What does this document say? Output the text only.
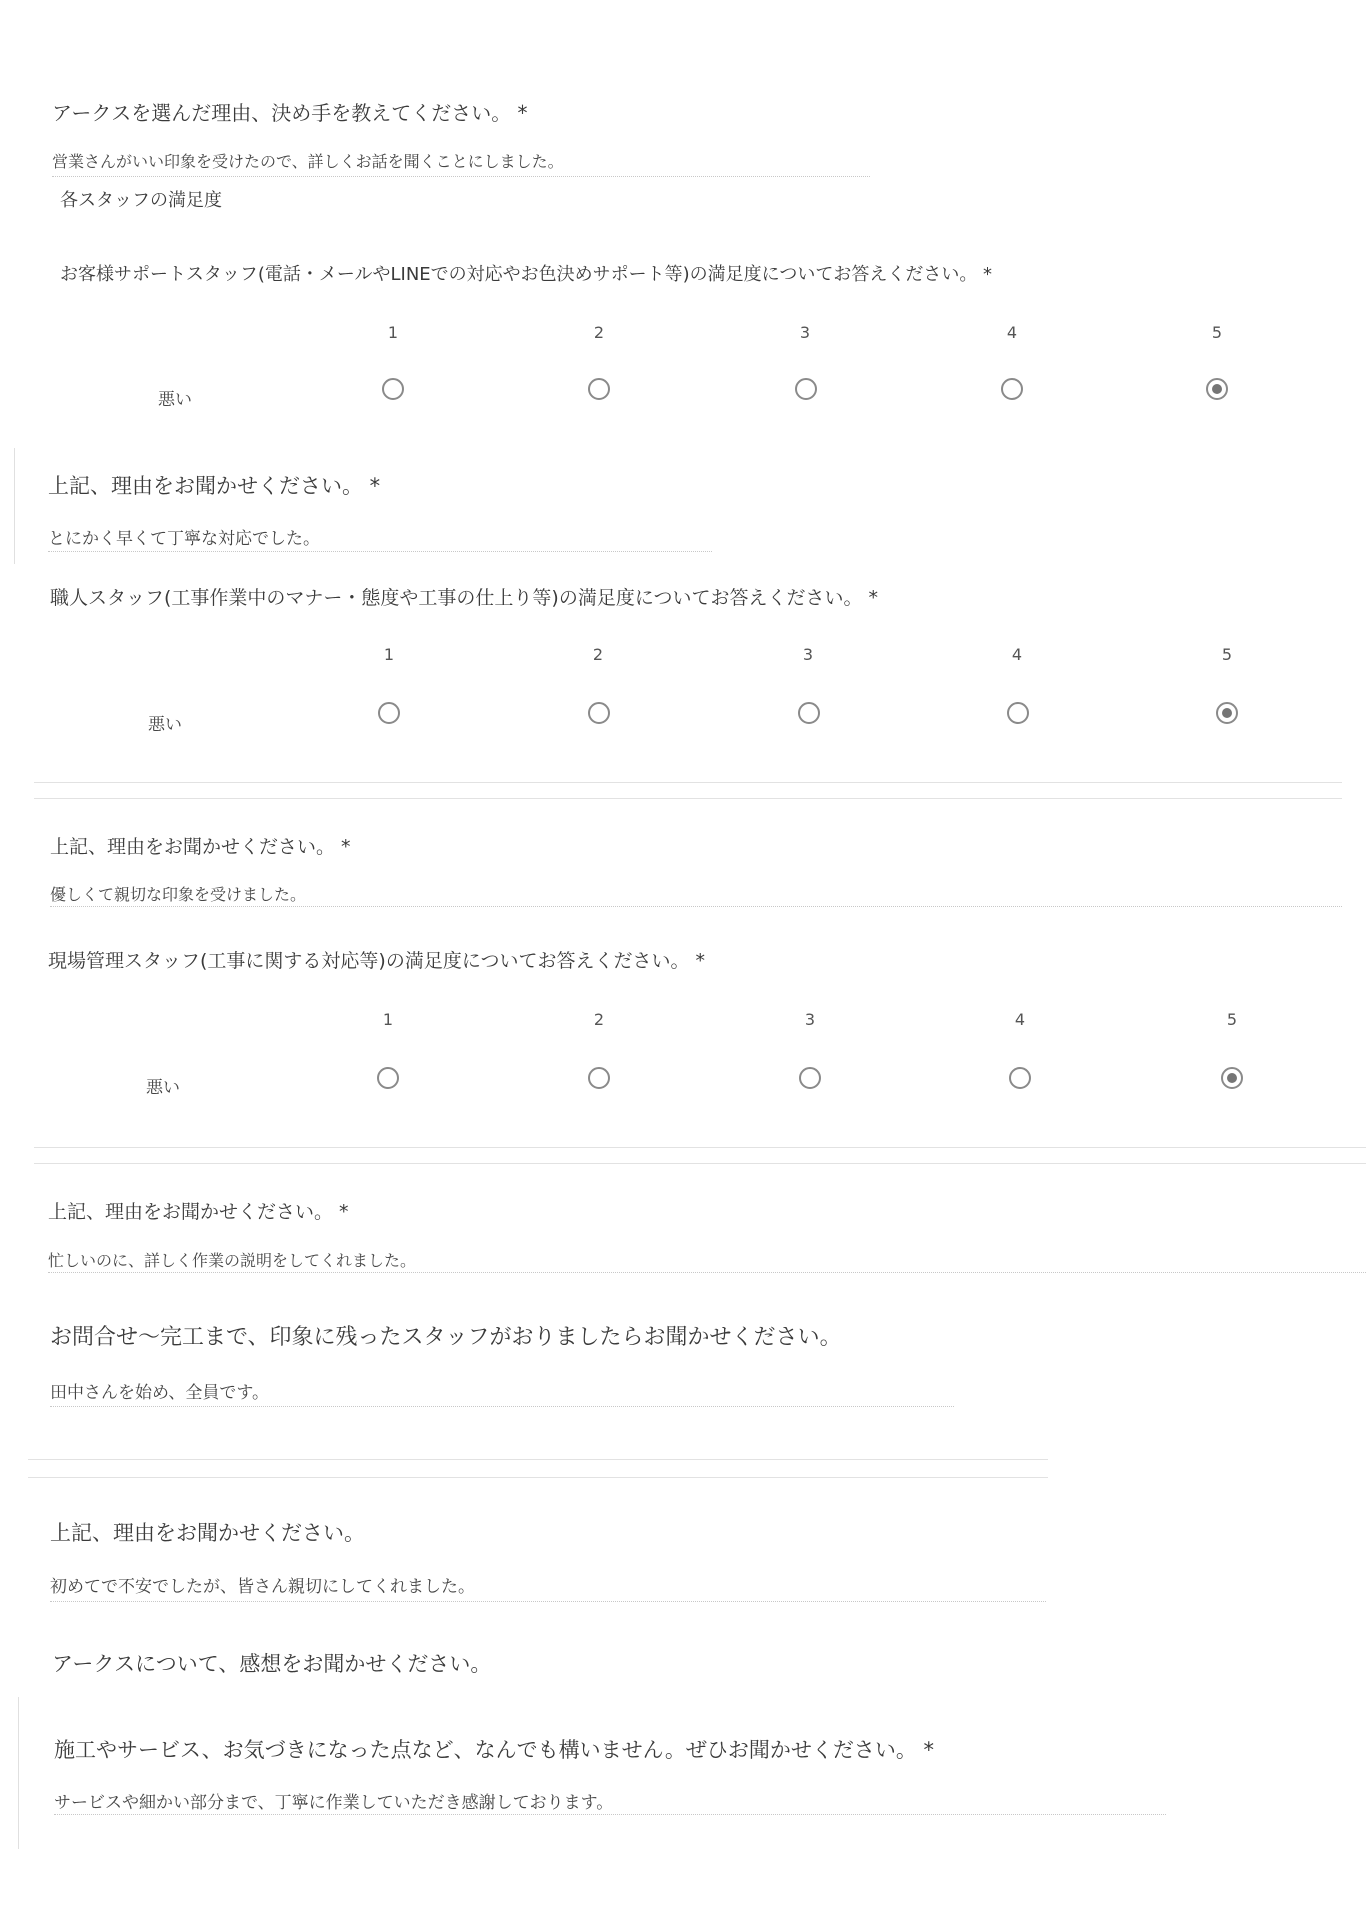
アークスを選んだ理由、決め手を教えてください。 *
営業さんがいい印象を受けたので、詳しくお話を聞くことにしました。
各スタッフの満足度
お客様サポートスタッフ(電話・メールやLINEでの対応やお色決めサポート等)の満足度についてお答えください。 *
1	2	3	4	5
悪い
上記、理由をお聞かせください。 *
とにかく早くて丁寧な対応でした。
職人スタッフ(工事作業中のマナー・態度や工事の仕上り等)の満足度についてお答えください。 *
1	2	3	4	5
悪い
上記、理由をお聞かせください。 *
優しくて親切な印象を受けました。
現場管理スタッフ(工事に関する対応等)の満足度についてお答えください。 *
1	2	3	4	5
悪い
上記、理由をお聞かせください。 *
忙しいのに、詳しく作業の説明をしてくれました。
お問合せ〜完工まで、印象に残ったスタッフがおりましたらお聞かせください。
田中さんを始め、全員です。
上記、理由をお聞かせください。
初めてで不安でしたが、皆さん親切にしてくれました。
アークスについて、感想をお聞かせください。
施工やサービス、お気づきになった点など、なんでも構いません。ぜひお聞かせください。 *
サービスや細かい部分まで、丁寧に作業していただき感謝しております。
